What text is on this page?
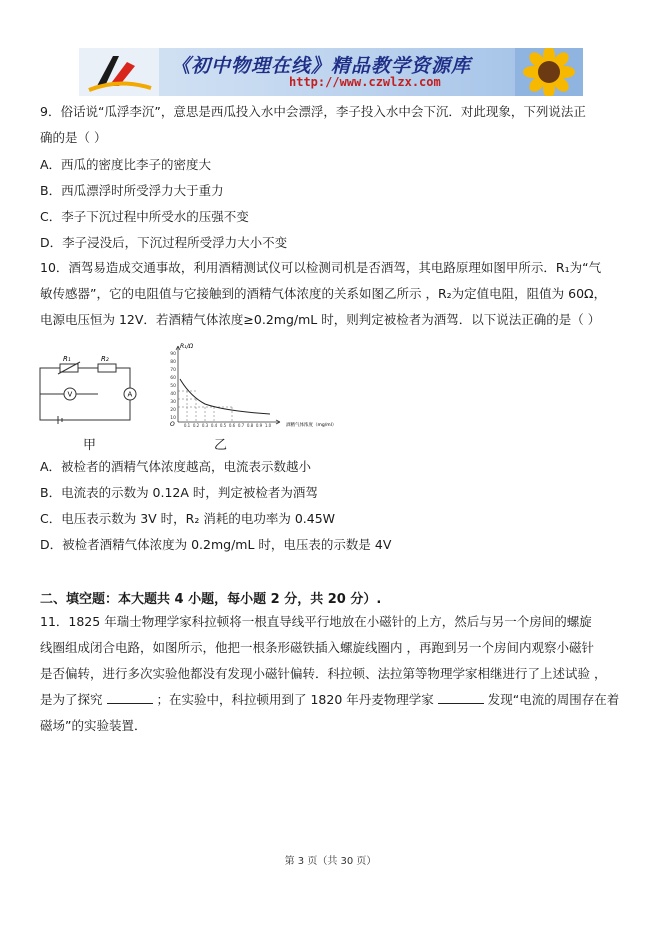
《初中物理在线》精品教学资源库
http://www.czwlzx.com
9．俗话说“瓜浮李沉”，意思是西瓜投入水中会漂浮，李子投入水中会下沉．对此现象，下列说法正
确的是（ ）
A．西瓜的密度比李子的密度大
B．西瓜漂浮时所受浮力大于重力
C．李子下沉过程中所受水的压强不变
D．李子浸没后，下沉过程所受浮力大小不变
10．酒驾易造成交通事故，利用酒精测试仪可以检测司机是否酒驾，其电路原理如图甲所示．R₁为“气
敏传感器”，它的电阻值与它接触到的酒精气体浓度的关系如图乙所示 ，R₂为定值电阻，阻值为 60Ω，
电源电压恒为 12V．若酒精气体浓度≥0.2mg/mL 时，则判定被检者为酒驾．以下说法正确的是（ ）
R₁	R₂
V	A
甲
R₁/Ω
O	酒精气体浓度（mg/ml）
90
80
70
60
50
40
30
20
10
0.1 0.2 0.3 0.4 0.5 0.6 0.7 0.8 0.9 1.0
乙
A．被检者的酒精气体浓度越高，电流表示数越小
B．电流表的示数为 0.12A 时，判定被检者为酒驾
C．电压表示数为 3V 时，R₂ 消耗的电功率为 0.45W
D．被检者酒精气体浓度为 0.2mg/mL 时，电压表的示数是 4V
二、填空题：本大题共 4 小题，每小题 2 分，共 20 分）.
11．1825 年瑞士物理学家科拉顿将一根直导线平行地放在小磁针的上方，然后与另一个房间的螺旋
线圈组成闭合电路，如图所示，他把一根条形磁铁插入螺旋线圈内 ，再跑到另一个房间内观察小磁针
是否偏转，进行多次实验他都没有发现小磁针偏转．科拉顿、法拉第等物理学家相继进行了上述试验 ，
是为了探究	；在实验中，科拉顿用到了 1820 年丹麦物理学家	发现“电流的周围存在着
磁场”的实验装置．
第 3 页（共 30 页）
